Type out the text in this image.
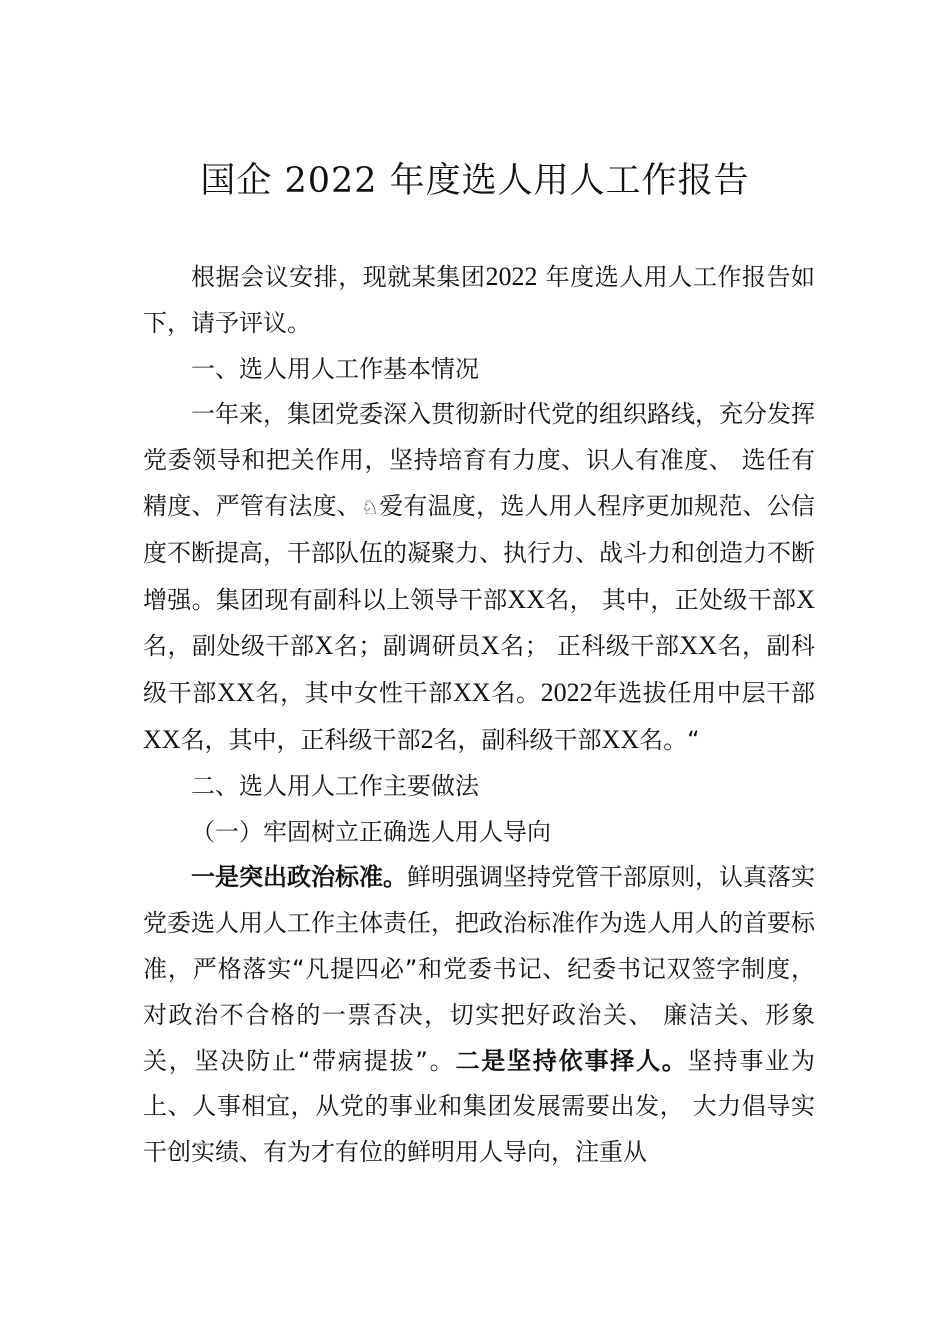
国企 2022 年度选人用人工作报告

根据会议安排，现就某集团2022 年度选人用人工作报告如下，请予评议。

一、选人用人工作基本情况

一年来，集团党委深入贯彻新时代党的组织路线，充分发挥党委领导和把关作用，坚持培育有力度、识人有准度、 选任有精度、严管有法度、♘爱有温度，选人用人程序更加规范、公信度不断提高，干部队伍的凝聚力、执行力、战斗力和创造力不断增强。集团现有副科以上领导干部XX名， 其中，正处级干部X名，副处级干部X名；副调研员X名； 正科级干部XX名，副科级干部XX名，其中女性干部XX名。2022年选拔任用中层干部XX名，其中，正科级干部2名，副科级干部XX名。“

二、选人用人工作主要做法

（一）牢固树立正确选人用人导向

一是突出政治标准。鲜明强调坚持党管干部原则，认真落实党委选人用人工作主体责任，把政治标准作为选人用人的首要标准，严格落实“凡提四必”和党委书记、纪委书记双签字制度，对政治不合格的一票否决，切实把好政治关、 廉洁关、形象关，坚决防止“带病提拔”。二是坚持依事择人。坚持事业为上、人事相宜，从党的事业和集团发展需要出发， 大力倡导实干创实绩、有为才有位的鲜明用人导向，注重从
